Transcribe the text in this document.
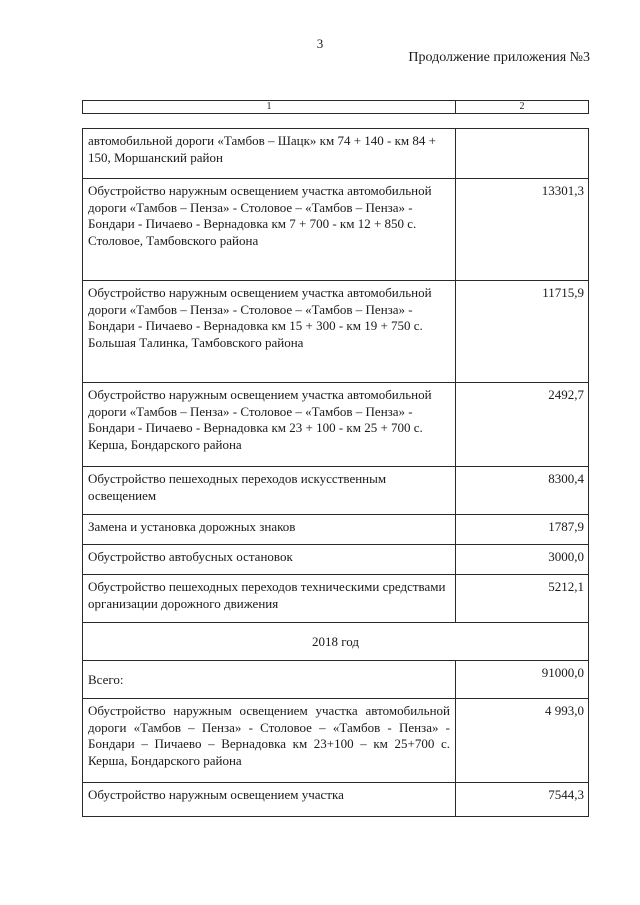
3
Продолжение приложения №3
1	2

автомобильной дороги «Тамбов – Шацк» км 74 + 140 - км 84 + 150, Моршанский район	
Обустройство наружным освещением участка автомобильной дороги «Тамбов – Пенза» - Столовое – «Тамбов – Пенза» - Бондари - Пичаево - Вернадовка км 7 + 700 - км 12 + 850 с. Столовое, Тамбовского района	13301,3
Обустройство наружным освещением участка автомобильной дороги «Тамбов – Пенза» - Столовое – «Тамбов – Пенза» - Бондари - Пичаево - Вернадовка км 15 + 300 - км 19 + 750 с. Большая Талинка, Тамбовского района	11715,9
Обустройство наружным освещением участка автомобильной дороги «Тамбов – Пенза» - Столовое – «Тамбов – Пенза» - Бондари - Пичаево - Вернадовка км 23 + 100 - км 25 + 700 с. Керша, Бондарского района	2492,7
Обустройство пешеходных переходов искусственным освещением	8300,4
Замена и установка дорожных знаков	1787,9
Обустройство автобусных остановок	3000,0
Обустройство пешеходных переходов техническими средствами организации дорожного движения	5212,1
2018 год	
Всего:	91000,0
Обустройство наружным освещением участка автомобильной дороги «Тамбов – Пенза» - Столовое – «Тамбов - Пенза» - Бондари – Пичаево – Вернадовка км 23+100 – км 25+700 с. Керша, Бондарского района	4 993,0
Обустройство наружным освещением участка	7544,3
